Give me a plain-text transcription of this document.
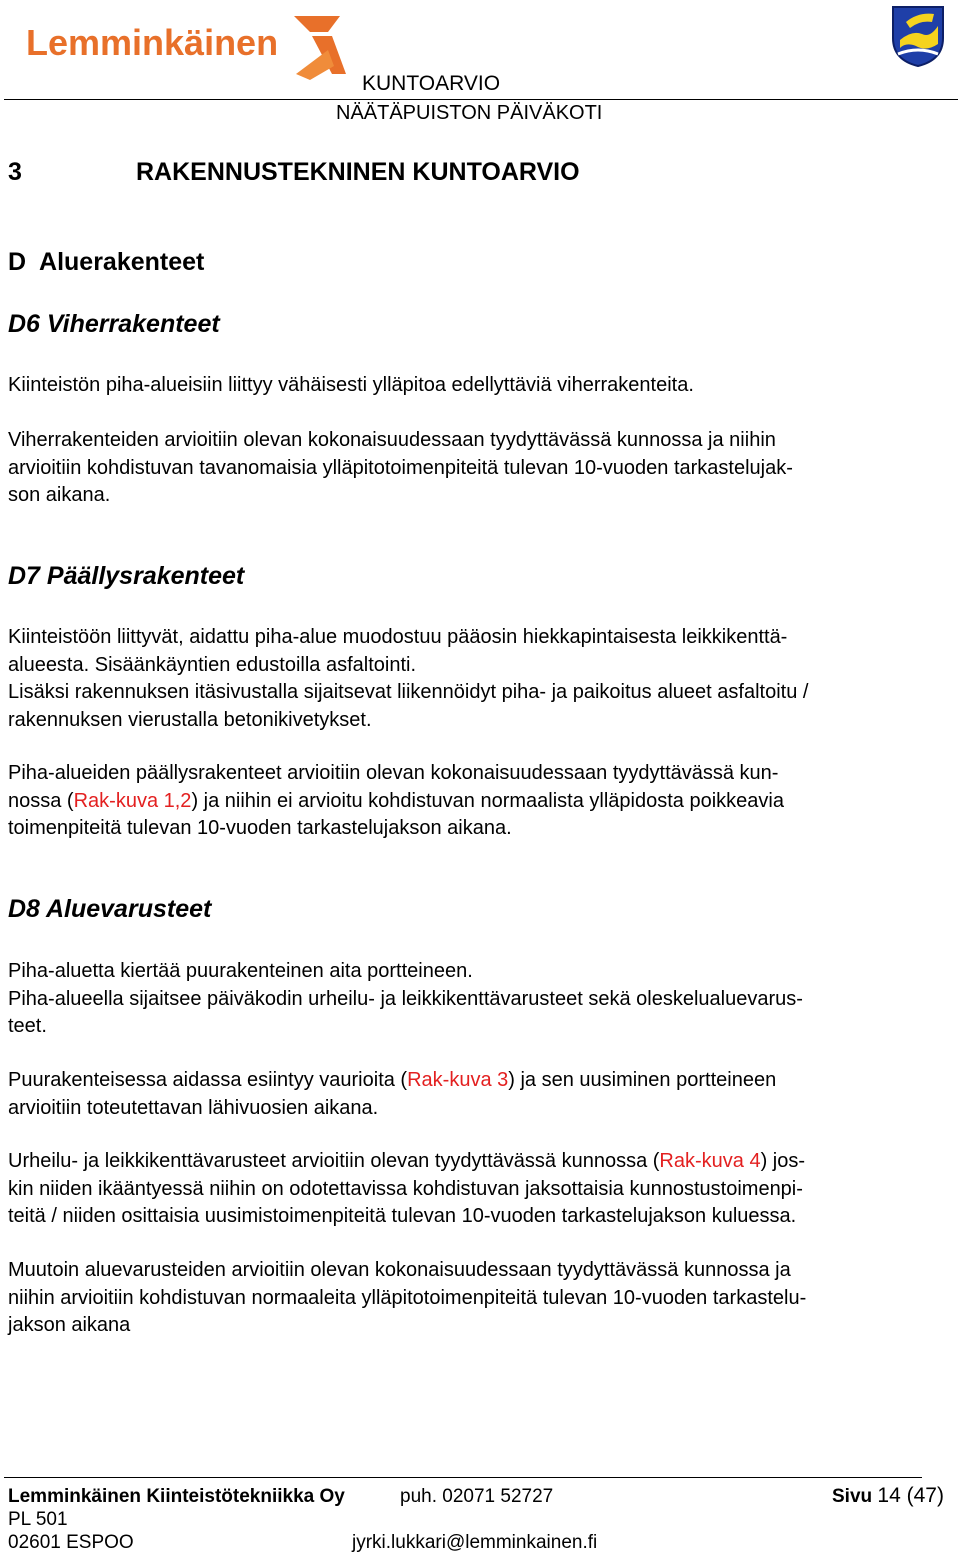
Lemminkäinen
KUNTOARVIO
NÄÄTÄPUISTON PÄIVÄKOTI
3	RAKENNUSTEKNINEN KUNTOARVIO
D  Aluerakenteet
D6 Viherrakenteet
Kiinteistön piha-alueisiin liittyy vähäisesti ylläpitoa edellyttäviä viherrakenteita.
Viherrakenteiden arvioitiin olevan kokonaisuudessaan tyydyttävässä kunnossa ja niihin
arvioitiin kohdistuvan tavanomaisia ylläpitotoimenpiteitä tulevan 10-vuoden tarkastelujak-
son aikana.
D7 Päällysrakenteet
Kiinteistöön liittyvät, aidattu piha-alue muodostuu pääosin hiekkapintaisesta leikkikenttä-
alueesta. Sisäänkäyntien edustoilla asfaltointi.
Lisäksi rakennuksen itäsivustalla sijaitsevat liikennöidyt piha- ja paikoitus alueet asfaltoitu /
rakennuksen vierustalla betonikivetykset.
Piha-alueiden päällysrakenteet arvioitiin olevan kokonaisuudessaan tyydyttävässä kun-
nossa (Rak-kuva 1,2) ja niihin ei arvioitu kohdistuvan normaalista ylläpidosta poikkeavia
toimenpiteitä tulevan 10-vuoden tarkastelujakson aikana.
D8 Aluevarusteet
Piha-aluetta kiertää puurakenteinen aita portteineen.
Piha-alueella sijaitsee päiväkodin urheilu- ja leikkikenttävarusteet sekä oleskelualuevarus-
teet.
Puurakenteisessa aidassa esiintyy vaurioita (Rak-kuva 3) ja sen uusiminen portteineen
arvioitiin toteutettavan lähivuosien aikana.
Urheilu- ja leikkikenttävarusteet arvioitiin olevan tyydyttävässä kunnossa (Rak-kuva 4) jos-
kin niiden ikääntyessä niihin on odotettavissa kohdistuvan jaksottaisia kunnostustoimenpi-
teitä / niiden osittaisia uusimistoimenpiteitä tulevan 10-vuoden tarkastelujakson kuluessa.
Muutoin aluevarusteiden arvioitiin olevan kokonaisuudessaan tyydyttävässä kunnossa ja
niihin arvioitiin kohdistuvan normaaleita ylläpitotoimenpiteitä tulevan 10-vuoden tarkastelu-
jakson aikana
Lemminkäinen Kiinteistötekniikka Oy	puh. 02071 52727	Sivu 14 (47)
PL 501
02601 ESPOO	jyrki.lukkari@lemminkainen.fi
